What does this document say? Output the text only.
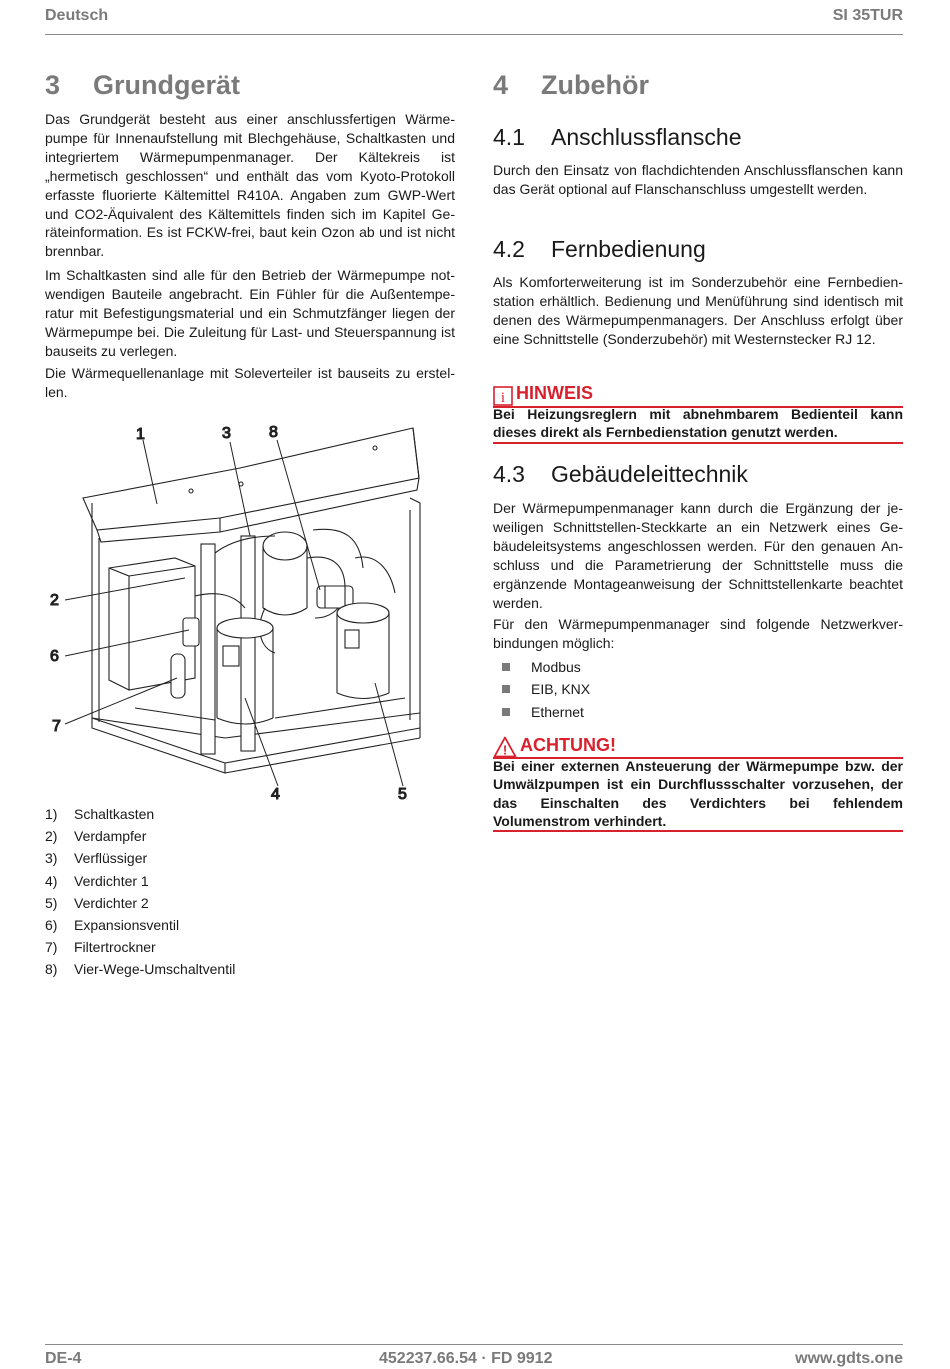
Deutsch	SI 35TUR
3 Grundgerät

Das Grundgerät besteht aus einer anschlussfertigen Wärmepumpe für Innenaufstellung mit Blechgehäuse, Schaltkasten und integriertem Wärmepumpenmanager. Der Kältekreis ist „hermetisch geschlossen“ und enthält das vom Kyoto-Protokoll erfasste fluorierte Kältemittel R410A. Angaben zum GWP-Wert und CO2-Äquivalent des Kältemittels finden sich im Kapitel Geräteinformation. Es ist FCKW-frei, baut kein Ozon ab und ist nicht brennbar.

Im Schaltkasten sind alle für den Betrieb der Wärmepumpe notwendigen Bauteile angebracht. Ein Fühler für die Außentemperatur mit Befestigungsmaterial und ein Schmutzfänger liegen der Wärmepumpe bei. Die Zuleitung für Last- und Steuerspannung ist bauseits zu verlegen.

Die Wärmequellenanlage mit Soleverteiler ist bauseits zu erstellen.

1) Schaltkasten
2) Verdampfer
3) Verflüssiger
4) Verdichter 1
5) Verdichter 2
6) Expansionsventil
7) Filtertrockner
8) Vier-Wege-Umschaltventil
1	3 8
2
6
7
4	5
4 Zubehör
4.1 Anschlussflansche

Durch den Einsatz von flachdichtenden Anschlussflanschen kann das Gerät optional auf Flanschanschluss umgestellt werden.

4.2 Fernbedienung

Als Komforterweiterung ist im Sonderzubehör eine Fernbedienstation erhältlich. Bedienung und Menüführung sind identisch mit denen des Wärmepumpenmanagers. Der Anschluss erfolgt über eine Schnittstelle (Sonderzubehör) mit Westernstecker RJ 12.

i HINWEIS

Bei Heizungsreglern mit abnehmbarem Bedienteil kann dieses direkt als Fernbedienstation genutzt werden.

4.3 Gebäudeleittechnik

Der Wärmepumpenmanager kann durch die Ergänzung der jeweiligen Schnittstellen-Steckkarte an ein Netzwerk eines Gebäudeleitsystems angeschlossen werden. Für den genauen Anschluss und die Parametrierung der Schnittstelle muss die ergänzende Montageanweisung der Schnittstellenkarte beachtet werden.

Für den Wärmepumpenmanager sind folgende Netzwerkverbindungen möglich:

Modbus
EIB, KNX
Ethernet
! ACHTUNG!

Bei einer externen Ansteuerung der Wärmepumpe bzw. der Umwälzpumpen ist ein Durchflussschalter vorzusehen, der das Einschalten des Verdichters bei fehlendem Volumenstrom verhindert.

DE-4	452237.66.54 · FD 9912	www.gdts.one
